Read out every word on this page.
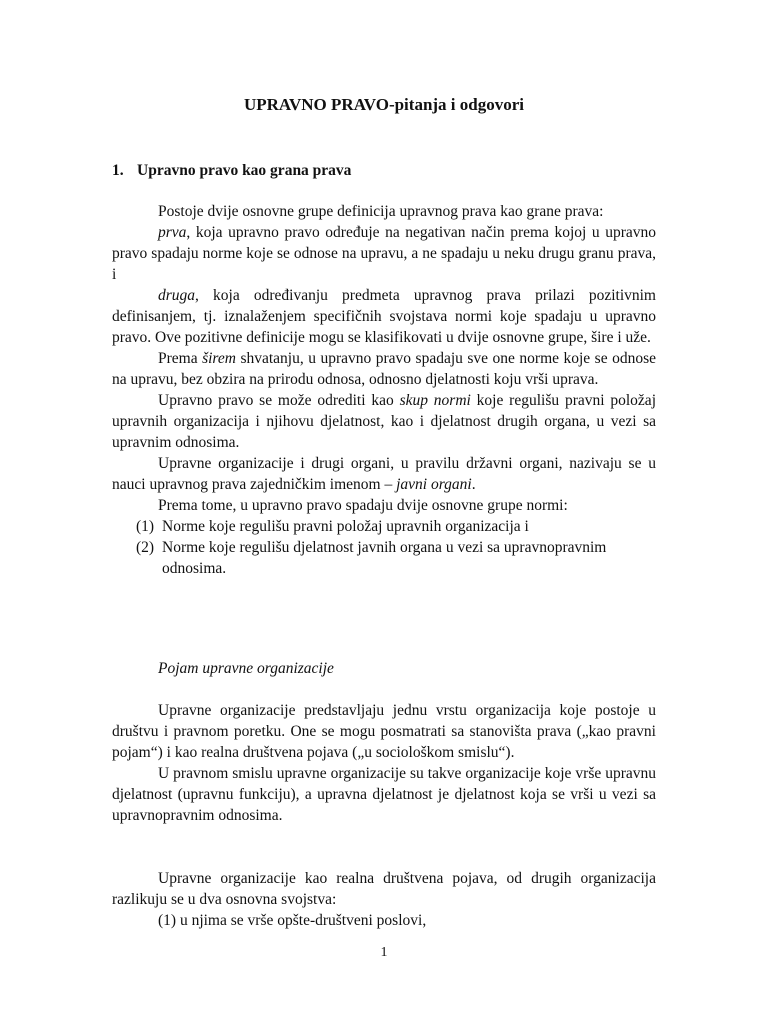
UPRAVNO PRAVO-pitanja i odgovori
1. Upravno pravo kao grana prava

Postoje dvije osnovne grupe definicija upravnog prava kao grane prava:

prva, koja upravno pravo određuje na negativan način prema kojoj u upravno pravo spadaju norme koje se odnose na upravu, a ne spadaju u neku drugu granu prava, i

druga, koja određivanju predmeta upravnog prava prilazi pozitivnim definisanjem, tj. iznalaženjem specifičnih svojstava normi koje spadaju u upravno pravo. Ove pozitivne definicije mogu se klasifikovati u dvije osnovne grupe, šire i uže.

Prema širem shvatanju, u upravno pravo spadaju sve one norme koje se odnose na upravu, bez obzira na prirodu odnosa, odnosno djelatnosti koju vrši uprava.

Upravno pravo se može odrediti kao skup normi koje regulišu pravni položaj upravnih organizacija i njihovu djelatnost, kao i djelatnost drugih organa, u vezi sa upravnim odnosima.

Upravne organizacije i drugi organi, u pravilu državni organi, nazivaju se u nauci upravnog prava zajedničkim imenom – javni organi.

Prema tome, u upravno pravo spadaju dvije osnovne grupe normi:

(1) Norme koje regulišu pravni položaj upravnih organizacija i
(2) Norme koje regulišu djelatnost javnih organa u vezi sa upravnopravnim odnosima.
Pojam upravne organizacije

Upravne organizacije predstavljaju jednu vrstu organizacija koje postoje u društvu i pravnom poretku. One se mogu posmatrati sa stanovišta prava („kao pravni pojam“) i kao realna društvena pojava („u sociološkom smislu“).

U pravnom smislu upravne organizacije su takve organizacije koje vrše upravnu djelatnost (upravnu funkciju), a upravna djelatnost je djelatnost koja se vrši u vezi sa upravnopravnim odnosima.

Upravne organizacije kao realna društvena pojava, od drugih organizacija razlikuju se u dva osnovna svojstva:

(1) u njima se vrše opšte-društveni poslovi,

1
